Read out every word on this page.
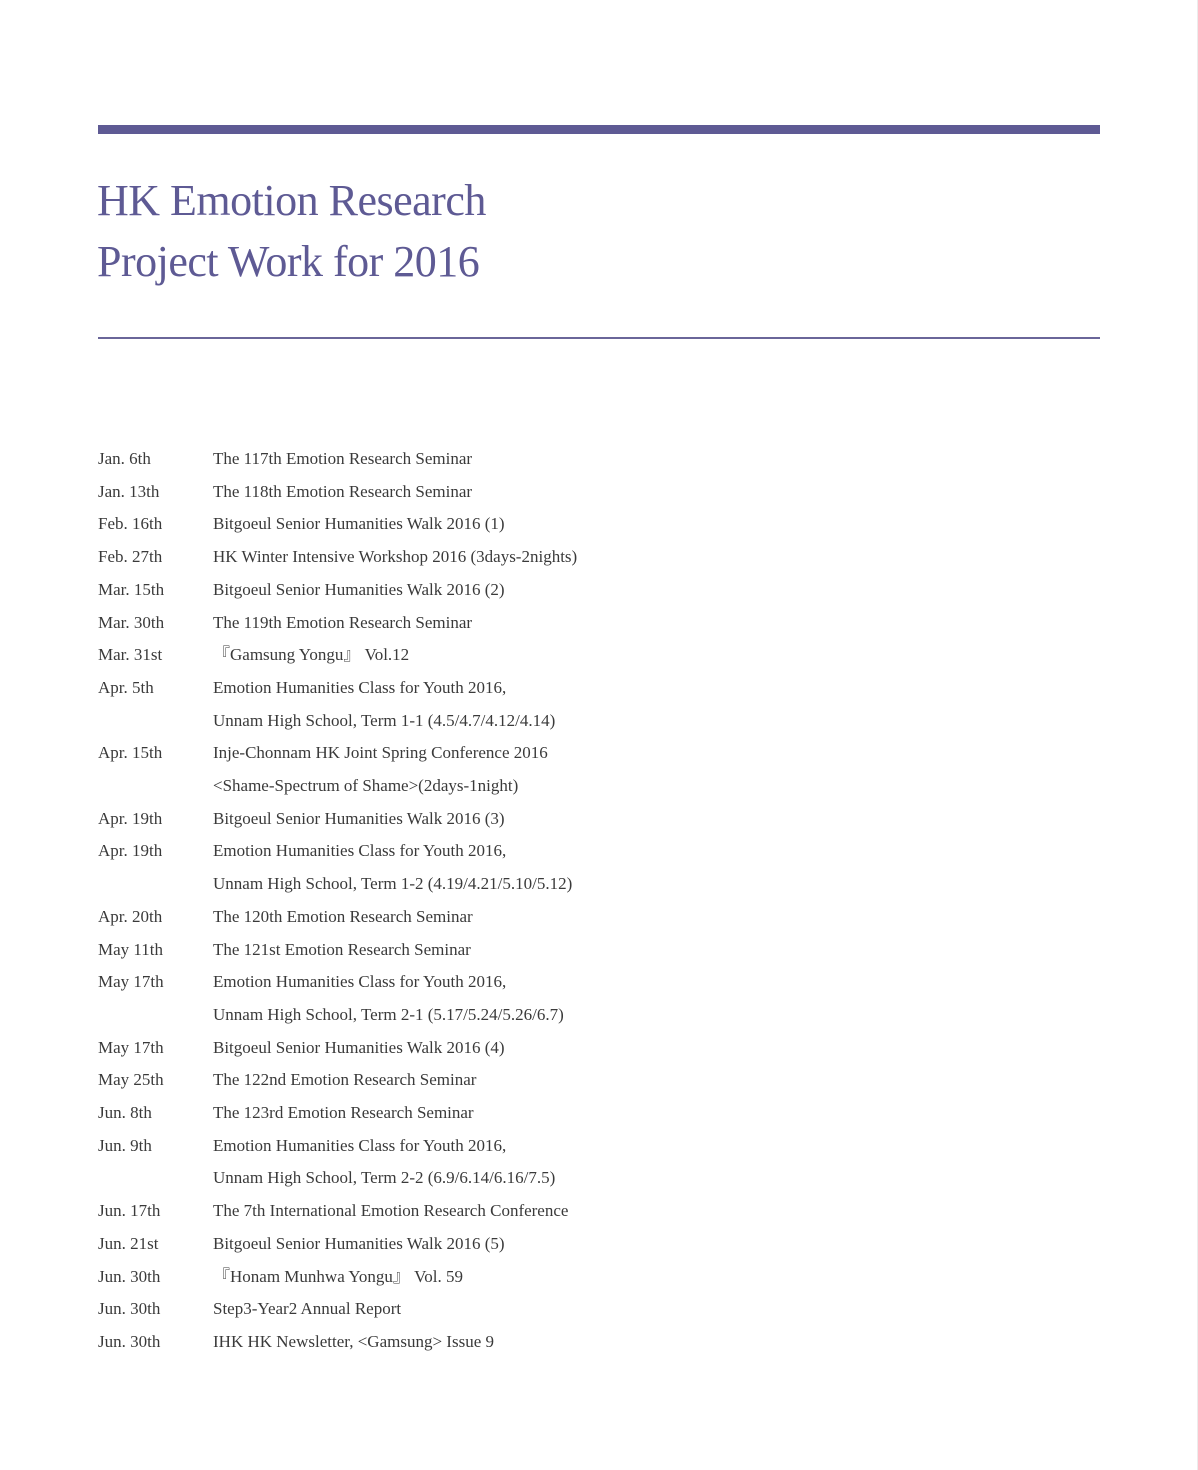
HK Emotion Research
Project Work for 2016
Jan. 6th	The 117th Emotion Research Seminar
Jan. 13th	The 118th Emotion Research Seminar
Feb. 16th	Bitgoeul Senior Humanities Walk 2016 (1)
Feb. 27th	HK Winter Intensive Workshop 2016 (3days-2nights)
Mar. 15th	Bitgoeul Senior Humanities Walk 2016 (2)
Mar. 30th	The 119th Emotion Research Seminar
Mar. 31st	『Gamsung Yongu』 Vol.12
Apr. 5th	Emotion Humanities Class for Youth 2016,
Unnam High School, Term 1-1 (4.5/4.7/4.12/4.14)
Apr. 15th	Inje-Chonnam HK Joint Spring Conference 2016
<Shame-Spectrum of Shame>(2days-1night)
Apr. 19th	Bitgoeul Senior Humanities Walk 2016 (3)
Apr. 19th	Emotion Humanities Class for Youth 2016,
Unnam High School, Term 1-2 (4.19/4.21/5.10/5.12)
Apr. 20th	The 120th Emotion Research Seminar
May 11th	The 121st Emotion Research Seminar
May 17th	Emotion Humanities Class for Youth 2016,
Unnam High School, Term 2-1 (5.17/5.24/5.26/6.7)
May 17th	Bitgoeul Senior Humanities Walk 2016 (4)
May 25th	The 122nd Emotion Research Seminar
Jun. 8th	The 123rd Emotion Research Seminar
Jun. 9th	Emotion Humanities Class for Youth 2016,
Unnam High School, Term 2-2 (6.9/6.14/6.16/7.5)
Jun. 17th	The 7th International Emotion Research Conference
Jun. 21st	Bitgoeul Senior Humanities Walk 2016 (5)
Jun. 30th	『Honam Munhwa Yongu』 Vol. 59
Jun. 30th	Step3-Year2 Annual Report
Jun. 30th	IHK HK Newsletter, <Gamsung> Issue 9
